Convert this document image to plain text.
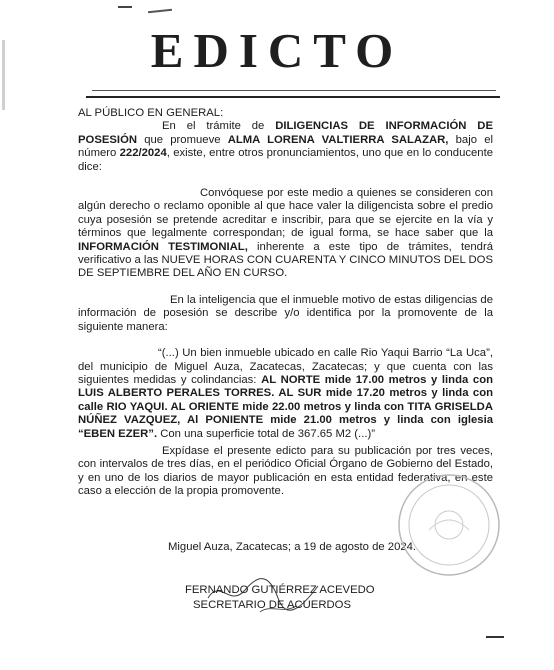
EDICTO

AL PÚBLICO EN GENERAL:

En el trámite de DILIGENCIAS DE INFORMACIÓN DE POSESIÓN que promueve ALMA LORENA VALTIERRA SALAZAR, bajo el número 222/2024, existe, entre otros pronunciamientos, uno que en lo conducente dice:

Convóquese por este medio a quienes se consideren con algún derecho o reclamo oponible al que hace valer la diligencista sobre el predio cuya posesión se pretende acreditar e inscribir, para que se ejercite en la vía y términos que legalmente correspondan; de igual forma, se hace saber que la INFORMACIÓN TESTIMONIAL, inherente a este tipo de trámites, tendrá verificativo a las NUEVE HORAS CON CUARENTA Y CINCO MINUTOS DEL DOS DE SEPTIEMBRE DEL AÑO EN CURSO.

En la inteligencia que el inmueble motivo de estas diligencias de información de posesión se describe y/o identifica por la promovente de la siguiente manera:

“(...) Un bien inmueble ubicado en calle Rio Yaqui Barrio “La Uca”, del municipio de Miguel Auza, Zacatecas, Zacatecas; y que cuenta con las siguientes medidas y colindancias: AL NORTE mide 17.00 metros y linda con LUIS ALBERTO PERALES TORRES. AL SUR mide 17.20 metros y linda con calle RIO YAQUI. AL ORIENTE mide 22.00 metros y linda con TITA GRISELDA NÚÑEZ VAZQUEZ, Al PONIENTE mide 21.00 metros y linda con iglesia “EBEN EZER”. Con una superficie total de 367.65 M2 (...)”

Expídase el presente edicto para su publicación por tres veces, con intervalos de tres días, en el periódico Oficial Órgano de Gobierno del Estado, y en uno de los diarios de mayor publicación en esta entidad federativa, en este caso a elección de la propia promovente.

Miguel Auza, Zacatecas; a 19 de agosto de 2024.
FERNANDO GUTIÉRREZ ACEVEDO
SECRETARIO DE ACUERDOS
